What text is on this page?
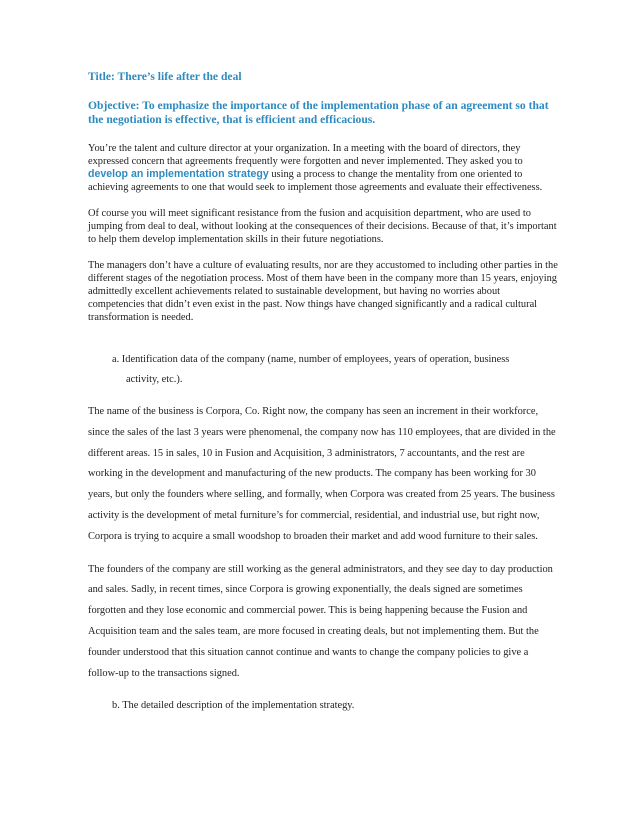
Title: There’s life after the deal
Objective: To emphasize the importance of the implementation phase of an agreement so that the negotiation is effective, that is efficient and efficacious.

You’re the talent and culture director at your organization. In a meeting with the board of directors, they expressed concern that agreements frequently were forgotten and never implemented. They asked you to develop an implementation strategy using a process to change the mentality from one oriented to achieving agreements to one that would seek to implement those agreements and evaluate their effectiveness.

Of course you will meet significant resistance from the fusion and acquisition department, who are used to jumping from deal to deal, without looking at the consequences of their decisions. Because of that, it’s important to help them develop implementation skills in their future negotiations.

The managers don’t have a culture of evaluating results, nor are they accustomed to including other parties in the different stages of the negotiation process. Most of them have been in the company more than 15 years, enjoying admittedly excellent achievements related to sustainable development, but having no worries about competencies that didn’t even exist in the past. Now things have changed significantly and a radical cultural transformation is needed.

a. Identification data of the company (name, number of employees, years of operation, business
activity, etc.).

The name of the business is Corpora, Co. Right now, the company has seen an increment in their workforce, since the sales of the last 3 years were phenomenal, the company now has 110 employees, that are divided in the different areas. 15 in sales, 10 in Fusion and Acquisition, 3 administrators, 7 accountants, and the rest are working in the development and manufacturing of the new products. The company has been working for 30 years, but only the founders where selling, and formally, when Corpora was created from 25 years. The business activity is the development of metal furniture’s for commercial, residential, and industrial use, but right now, Corpora is trying to acquire a small woodshop to broaden their market and add wood furniture to their sales.

The founders of the company are still working as the general administrators, and they see day to day production and sales. Sadly, in recent times, since Corpora is growing exponentially, the deals signed are sometimes forgotten and they lose economic and commercial power. This is being happening because the Fusion and Acquisition team and the sales team, are more focused in creating deals, but not implementing them. But the founder understood that this situation cannot continue and wants to change the company policies to give a follow-up to the transactions signed.

b. The detailed description of the implementation strategy.
